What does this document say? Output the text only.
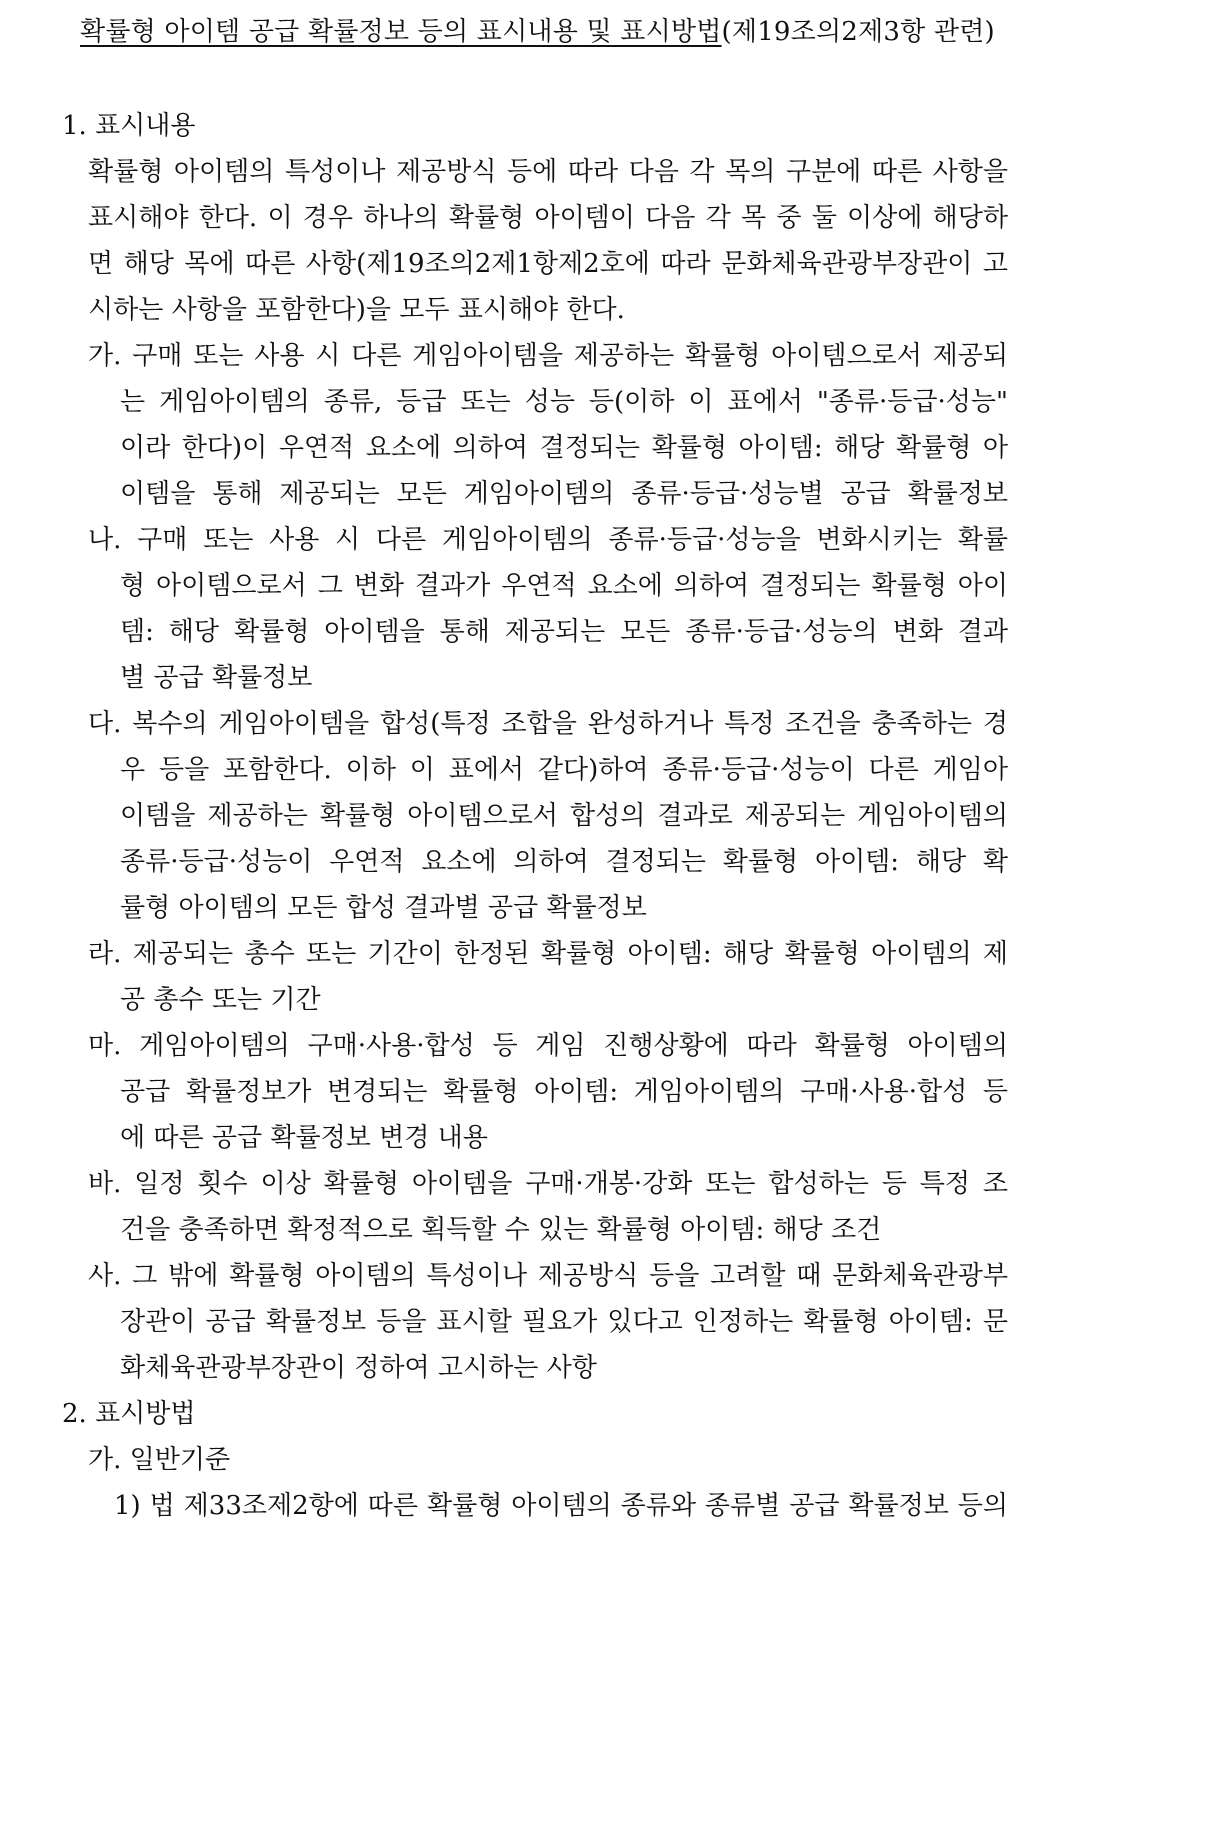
확률형 아이템 공급 확률정보 등의 표시내용 및 표시방법(제19조의2제3항 관련)
1. 표시내용
확률형 아이템의 특성이나 제공방식 등에 따라 다음 각 목의 구분에 따른 사항을
표시해야 한다. 이 경우 하나의 확률형 아이템이 다음 각 목 중 둘 이상에 해당하
면 해당 목에 따른 사항(제19조의2제1항제2호에 따라 문화체육관광부장관이 고
시하는 사항을 포함한다)을 모두 표시해야 한다.
가. 구매 또는 사용 시 다른 게임아이템을 제공하는 확률형 아이템으로서 제공되
는 게임아이템의 종류, 등급 또는 성능 등(이하 이 표에서 "종류·등급·성능"
이라 한다)이 우연적 요소에 의하여 결정되는 확률형 아이템: 해당 확률형 아
이템을 통해 제공되는 모든 게임아이템의 종류·등급·성능별 공급 확률정보
나. 구매 또는 사용 시 다른 게임아이템의 종류·등급·성능을 변화시키는 확률
형 아이템으로서 그 변화 결과가 우연적 요소에 의하여 결정되는 확률형 아이
템: 해당 확률형 아이템을 통해 제공되는 모든 종류·등급·성능의 변화 결과
별 공급 확률정보
다. 복수의 게임아이템을 합성(특정 조합을 완성하거나 특정 조건을 충족하는 경
우 등을 포함한다. 이하 이 표에서 같다)하여 종류·등급·성능이 다른 게임아
이템을 제공하는 확률형 아이템으로서 합성의 결과로 제공되는 게임아이템의
종류·등급·성능이 우연적 요소에 의하여 결정되는 확률형 아이템: 해당 확
률형 아이템의 모든 합성 결과별 공급 확률정보
라. 제공되는 총수 또는 기간이 한정된 확률형 아이템: 해당 확률형 아이템의 제
공 총수 또는 기간
마. 게임아이템의 구매·사용·합성 등 게임 진행상황에 따라 확률형 아이템의
공급 확률정보가 변경되는 확률형 아이템: 게임아이템의 구매·사용·합성 등
에 따른 공급 확률정보 변경 내용
바. 일정 횟수 이상 확률형 아이템을 구매·개봉·강화 또는 합성하는 등 특정 조
건을 충족하면 확정적으로 획득할 수 있는 확률형 아이템: 해당 조건
사. 그 밖에 확률형 아이템의 특성이나 제공방식 등을 고려할 때 문화체육관광부
장관이 공급 확률정보 등을 표시할 필요가 있다고 인정하는 확률형 아이템: 문
화체육관광부장관이 정하여 고시하는 사항
2. 표시방법
가. 일반기준
1) 법 제33조제2항에 따른 확률형 아이템의 종류와 종류별 공급 확률정보 등의
